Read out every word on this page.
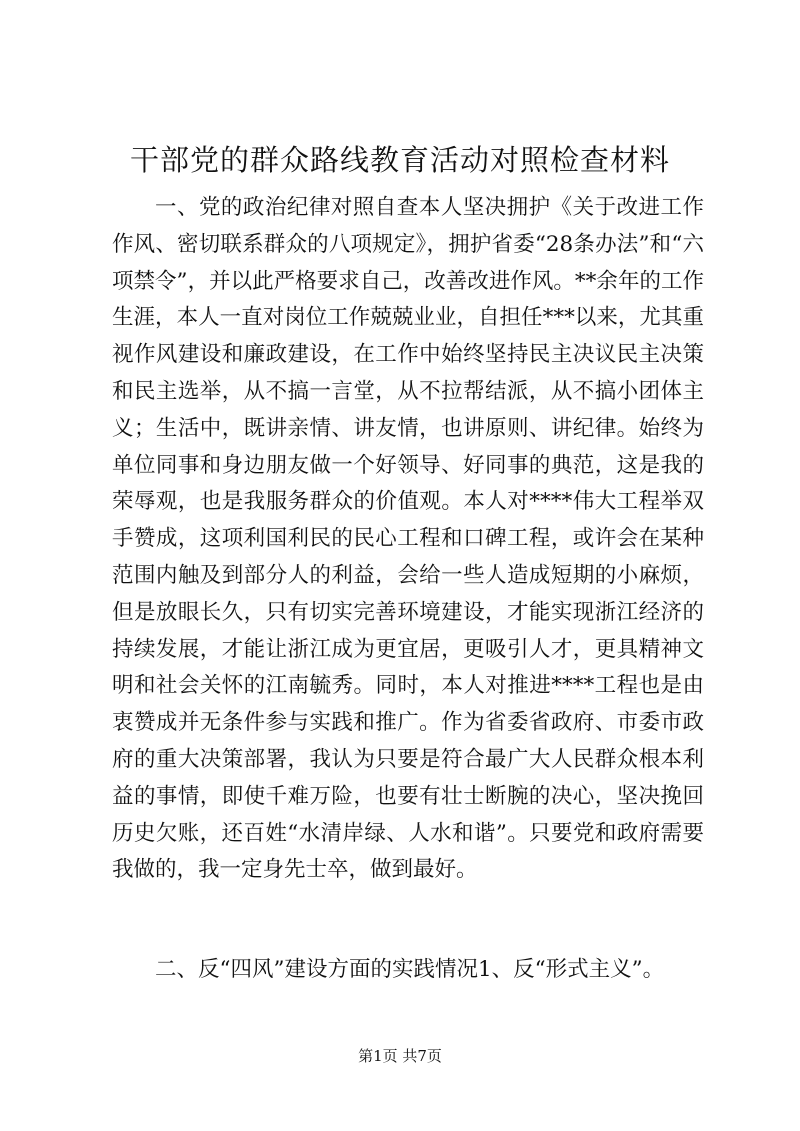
干部党的群众路线教育活动对照检查材料

一、党的政治纪律对照自查本人坚决拥护《关于改进工作作风、密切联系群众的八项规定》，拥护省委“28条办法”和“六项禁令”，并以此严格要求自己，改善改进作风。**余年的工作生涯，本人一直对岗位工作兢兢业业，自担任***以来，尤其重视作风建设和廉政建设，在工作中始终坚持民主决议民主决策和民主选举，从不搞一言堂，从不拉帮结派，从不搞小团体主义；生活中，既讲亲情、讲友情，也讲原则、讲纪律。始终为单位同事和身边朋友做一个好领导、好同事的典范，这是我的荣辱观，也是我服务群众的价值观。本人对****伟大工程举双手赞成，这项利国利民的民心工程和口碑工程，或许会在某种范围内触及到部分人的利益，会给一些人造成短期的小麻烦，但是放眼长久，只有切实完善环境建设，才能实现浙江经济的持续发展，才能让浙江成为更宜居，更吸引人才，更具精神文明和社会关怀的江南毓秀。同时，本人对推进****工程也是由衷赞成并无条件参与实践和推广。作为省委省政府、市委市政府的重大决策部署，我认为只要是符合最广大人民群众根本利益的事情，即使千难万险，也要有壮士断腕的决心，坚决挽回历史欠账，还百姓“水清岸绿、人水和谐”。只要党和政府需要我做的，我一定身先士卒，做到最好。

二、反“四风”建设方面的实践情况1、反“形式主义”。

第1页 共7页
